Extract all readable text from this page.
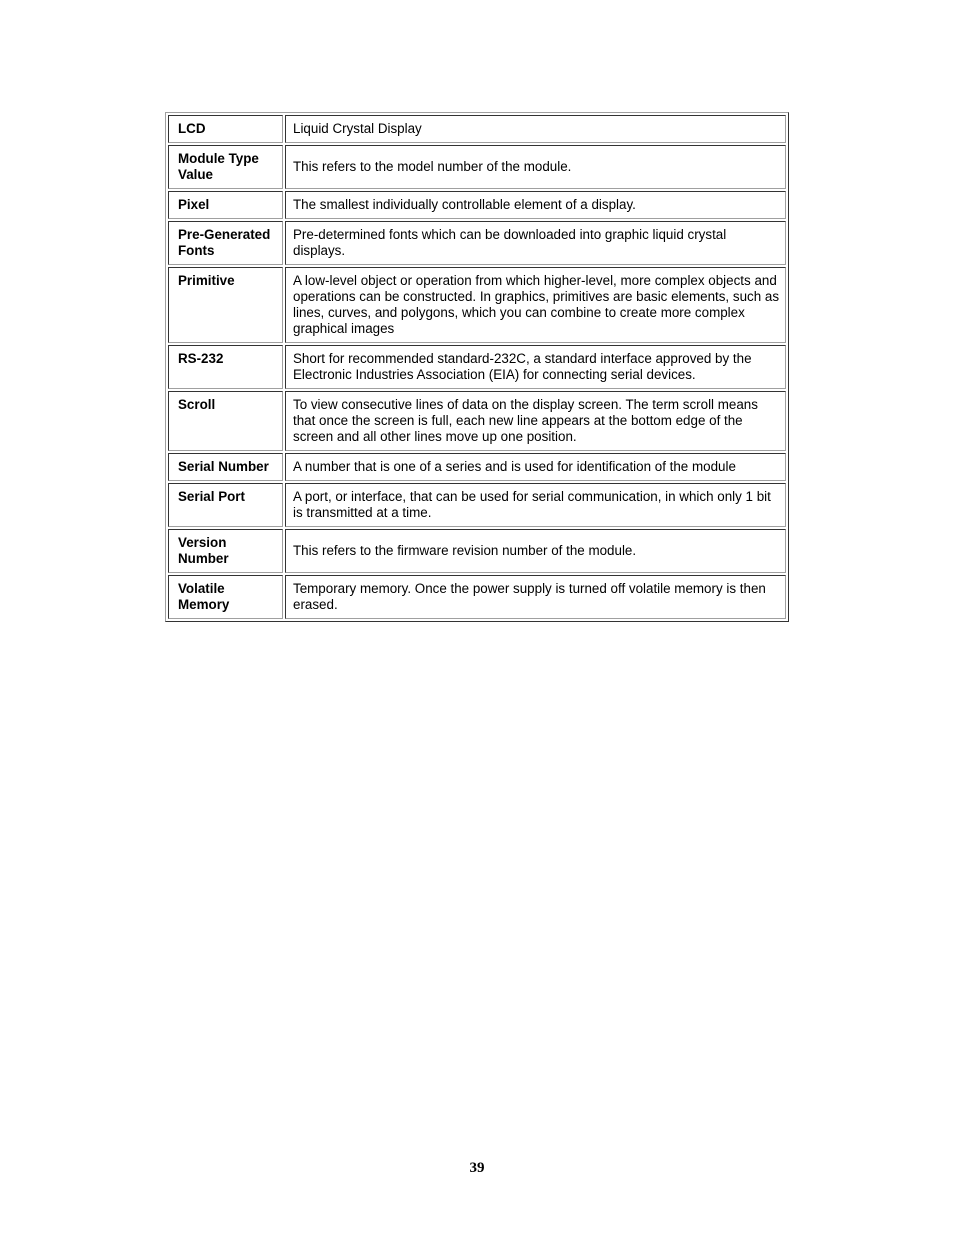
LCD	Liquid Crystal Display
Module Type Value	This refers to the model number of the module.
Pixel	The smallest individually controllable element of a display.
Pre-Generated Fonts	Pre-determined fonts which can be downloaded into graphic liquid crystal displays.
Primitive	A low-level object or operation from which higher-level, more complex objects and operations can be constructed. In graphics, primitives are basic elements, such as lines, curves, and polygons, which you can combine to create more complex graphical images
RS-232	Short for recommended standard-232C, a standard interface approved by the Electronic Industries Association (EIA) for connecting serial devices.
Scroll	To view consecutive lines of data on the display screen. The term scroll means that once the screen is full, each new line appears at the bottom edge of the screen and all other lines move up one position.
Serial Number	A number that is one of a series and is used for identification of the module
Serial Port	A port, or interface, that can be used for serial communication, in which only 1 bit is transmitted at a time.
Version Number	This refers to the firmware revision number of the module.
Volatile Memory	Temporary memory. Once the power supply is turned off volatile memory is then erased.
39
